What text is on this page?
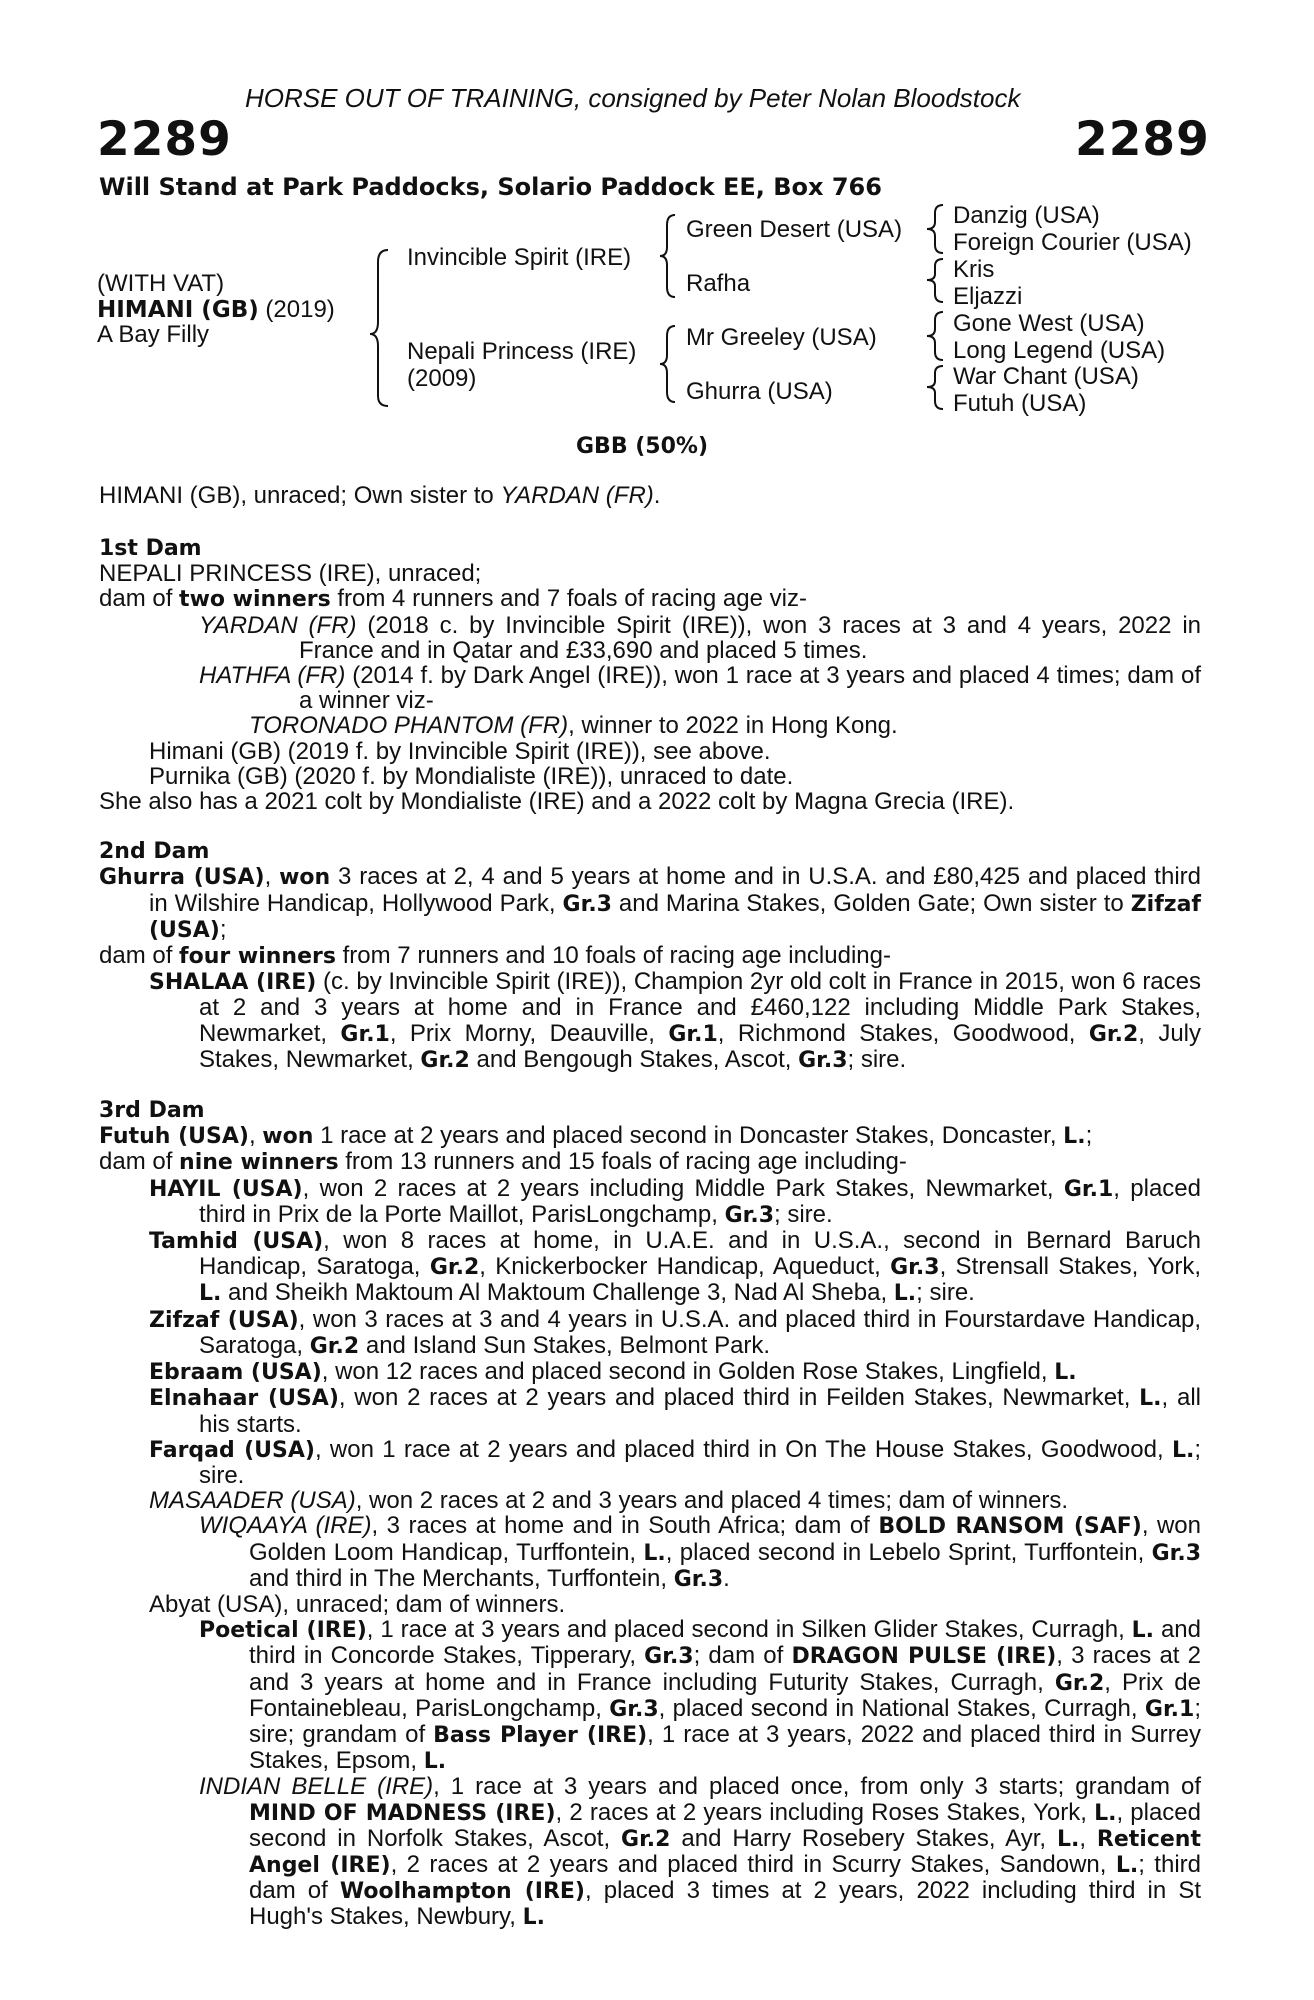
HORSE OUT OF TRAINING, consigned by Peter Nolan Bloodstock
2289	2289
Will Stand at Park Paddocks, Solario Paddock EE, Box 766
(WITH VAT)
HIMANI (GB) (2019)
A Bay Filly
Invincible Spirit (IRE)
Nepali Princess (IRE)
(2009)
Green Desert (USA)
Rafha
Mr Greeley (USA)
Ghurra (USA)
Danzig (USA)
Foreign Courier (USA)
Kris
Eljazzi
Gone West (USA)
Long Legend (USA)
War Chant (USA)
Futuh (USA)
GBB (50%)
HIMANI (GB), unraced; Own sister to YARDAN (FR).
1st Dam
NEPALI PRINCESS (IRE), unraced;
dam of two winners from 4 runners and 7 foals of racing age viz-
YARDAN (FR) (2018 c. by Invincible Spirit (IRE)), won 3 races at 3 and 4 years, 2022 in France and in Qatar and £33,690 and placed 5 times.
HATHFA (FR) (2014 f. by Dark Angel (IRE)), won 1 race at 3 years and placed 4 times; dam of a winner viz-
TORONADO PHANTOM (FR), winner to 2022 in Hong Kong.
Himani (GB) (2019 f. by Invincible Spirit (IRE)), see above.
Purnika (GB) (2020 f. by Mondialiste (IRE)), unraced to date.
She also has a 2021 colt by Mondialiste (IRE) and a 2022 colt by Magna Grecia (IRE).
2nd Dam
Ghurra (USA), won 3 races at 2, 4 and 5 years at home and in U.S.A. and £80,425 and placed third in Wilshire Handicap, Hollywood Park, Gr.3 and Marina Stakes, Golden Gate; Own sister to Zifzaf (USA);
dam of four winners from 7 runners and 10 foals of racing age including-
SHALAA (IRE) (c. by Invincible Spirit (IRE)), Champion 2yr old colt in France in 2015, won 6 races at 2 and 3 years at home and in France and £460,122 including Middle Park Stakes, Newmarket, Gr.1, Prix Morny, Deauville, Gr.1, Richmond Stakes, Goodwood, Gr.2, July Stakes, Newmarket, Gr.2 and Bengough Stakes, Ascot, Gr.3; sire.
3rd Dam
Futuh (USA), won 1 race at 2 years and placed second in Doncaster Stakes, Doncaster, L.;
dam of nine winners from 13 runners and 15 foals of racing age including-
HAYIL (USA), won 2 races at 2 years including Middle Park Stakes, Newmarket, Gr.1, placed third in Prix de la Porte Maillot, ParisLongchamp, Gr.3; sire.
Tamhid (USA), won 8 races at home, in U.A.E. and in U.S.A., second in Bernard Baruch Handicap, Saratoga, Gr.2, Knickerbocker Handicap, Aqueduct, Gr.3, Strensall Stakes, York, L. and Sheikh Maktoum Al Maktoum Challenge 3, Nad Al Sheba, L.; sire.
Zifzaf (USA), won 3 races at 3 and 4 years in U.S.A. and placed third in Fourstardave Handicap, Saratoga, Gr.2 and Island Sun Stakes, Belmont Park.
Ebraam (USA), won 12 races and placed second in Golden Rose Stakes, Lingfield, L.
Elnahaar (USA), won 2 races at 2 years and placed third in Feilden Stakes, Newmarket, L., all his starts.
Farqad (USA), won 1 race at 2 years and placed third in On The House Stakes, Goodwood, L.; sire.
MASAADER (USA), won 2 races at 2 and 3 years and placed 4 times; dam of winners.
WIQAAYA (IRE), 3 races at home and in South Africa; dam of BOLD RANSOM (SAF), won Golden Loom Handicap, Turffontein, L., placed second in Lebelo Sprint, Turffontein, Gr.3 and third in The Merchants, Turffontein, Gr.3.
Abyat (USA), unraced; dam of winners.
Poetical (IRE), 1 race at 3 years and placed second in Silken Glider Stakes, Curragh, L. and third in Concorde Stakes, Tipperary, Gr.3; dam of DRAGON PULSE (IRE), 3 races at 2 and 3 years at home and in France including Futurity Stakes, Curragh, Gr.2, Prix de Fontainebleau, ParisLongchamp, Gr.3, placed second in National Stakes, Curragh, Gr.1; sire; grandam of Bass Player (IRE), 1 race at 3 years, 2022 and placed third in Surrey Stakes, Epsom, L.
INDIAN BELLE (IRE), 1 race at 3 years and placed once, from only 3 starts; grandam of MIND OF MADNESS (IRE), 2 races at 2 years including Roses Stakes, York, L., placed second in Norfolk Stakes, Ascot, Gr.2 and Harry Rosebery Stakes, Ayr, L., Reticent Angel (IRE), 2 races at 2 years and placed third in Scurry Stakes, Sandown, L.; third dam of Woolhampton (IRE), placed 3 times at 2 years, 2022 including third in St Hugh's Stakes, Newbury, L.
